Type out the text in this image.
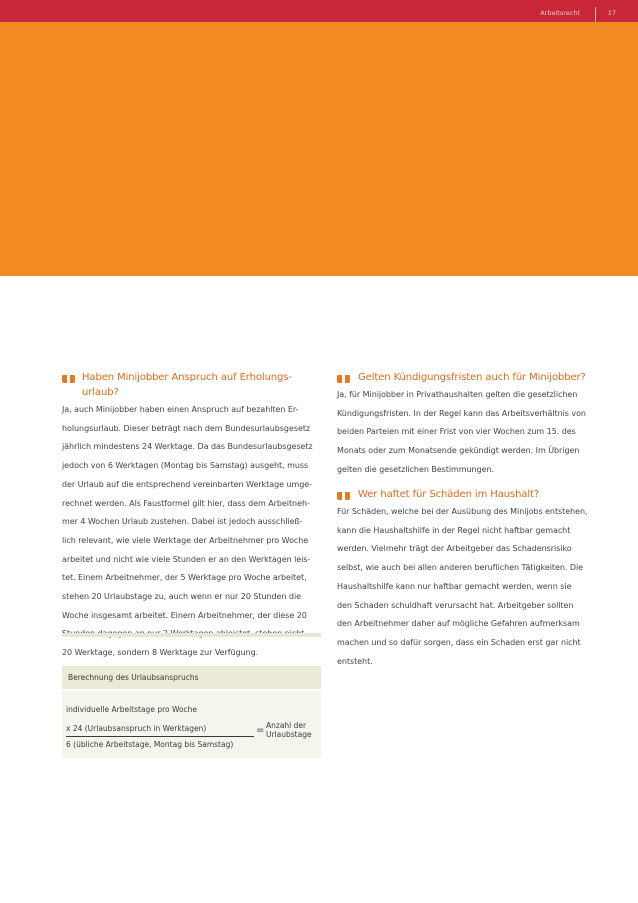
Arbeitsrecht	17
Haben Minijobber Anspruch auf Erholungs-
urlaub?

Ja, auch Minijobber haben einen Anspruch auf bezahlten Er-

holungsurlaub. Dieser beträgt nach dem Bundesurlaubsgesetz

jährlich mindestens 24 Werktage. Da das Bundesurlaubsgesetz

jedoch von 6 Werktagen (Montag bis Samstag) ausgeht, muss

der Urlaub auf die entsprechend vereinbarten Werktage umge-

rechnet werden. Als Faustformel gilt hier, dass dem Arbeitneh-

mer 4 Wochen Urlaub zustehen. Dabei ist jedoch ausschließ-

lich relevant, wie viele Werktage der Arbeitnehmer pro Woche

arbeitet und nicht wie viele Stunden er an den Werktagen leis-

tet. Einem Arbeitnehmer, der 5 Werktage pro Woche arbeitet,

stehen 20 Urlaubstage zu, auch wenn er nur 20 Stunden die

Woche insgesamt arbeitet. Einem Arbeitnehmer, der diese 20

20 Werktage, sondern 8 Werktage zur Verfügung.

Berechnung des Urlaubsanspruchs
individuelle Arbeitstage pro Woche
x 24 (Urlaubsanspruch in Werktagen)
6 (übliche Arbeitstage, Montag bis Samstag)
= Anzahl der
Urlaubstage
Gelten Kündigungsfristen auch für Minijobber?

Ja, für Minijobber in Privathaushalten gelten die gesetzlichen

Kündigungsfristen. In der Regel kann das Arbeitsverhältnis von

beiden Parteien mit einer Frist von vier Wochen zum 15. des

Monats oder zum Monatsende gekündigt werden. Im Übrigen

gelten die gesetzlichen Bestimmungen.

Wer haftet für Schäden im Haushalt?

Für Schäden, welche bei der Ausübung des Minijobs entstehen,

kann die Haushaltshilfe in der Regel nicht haftbar gemacht

werden. Vielmehr trägt der Arbeitgeber das Schadensrisiko

selbst, wie auch bei allen anderen beruflichen Tätigkeiten. Die

Haushaltshilfe kann nur haftbar gemacht werden, wenn sie

den Schaden schuldhaft verursacht hat. Arbeitgeber sollten

den Arbeitnehmer daher auf mögliche Gefahren aufmerksam

machen und so dafür sorgen, dass ein Schaden erst gar nicht

entsteht.
